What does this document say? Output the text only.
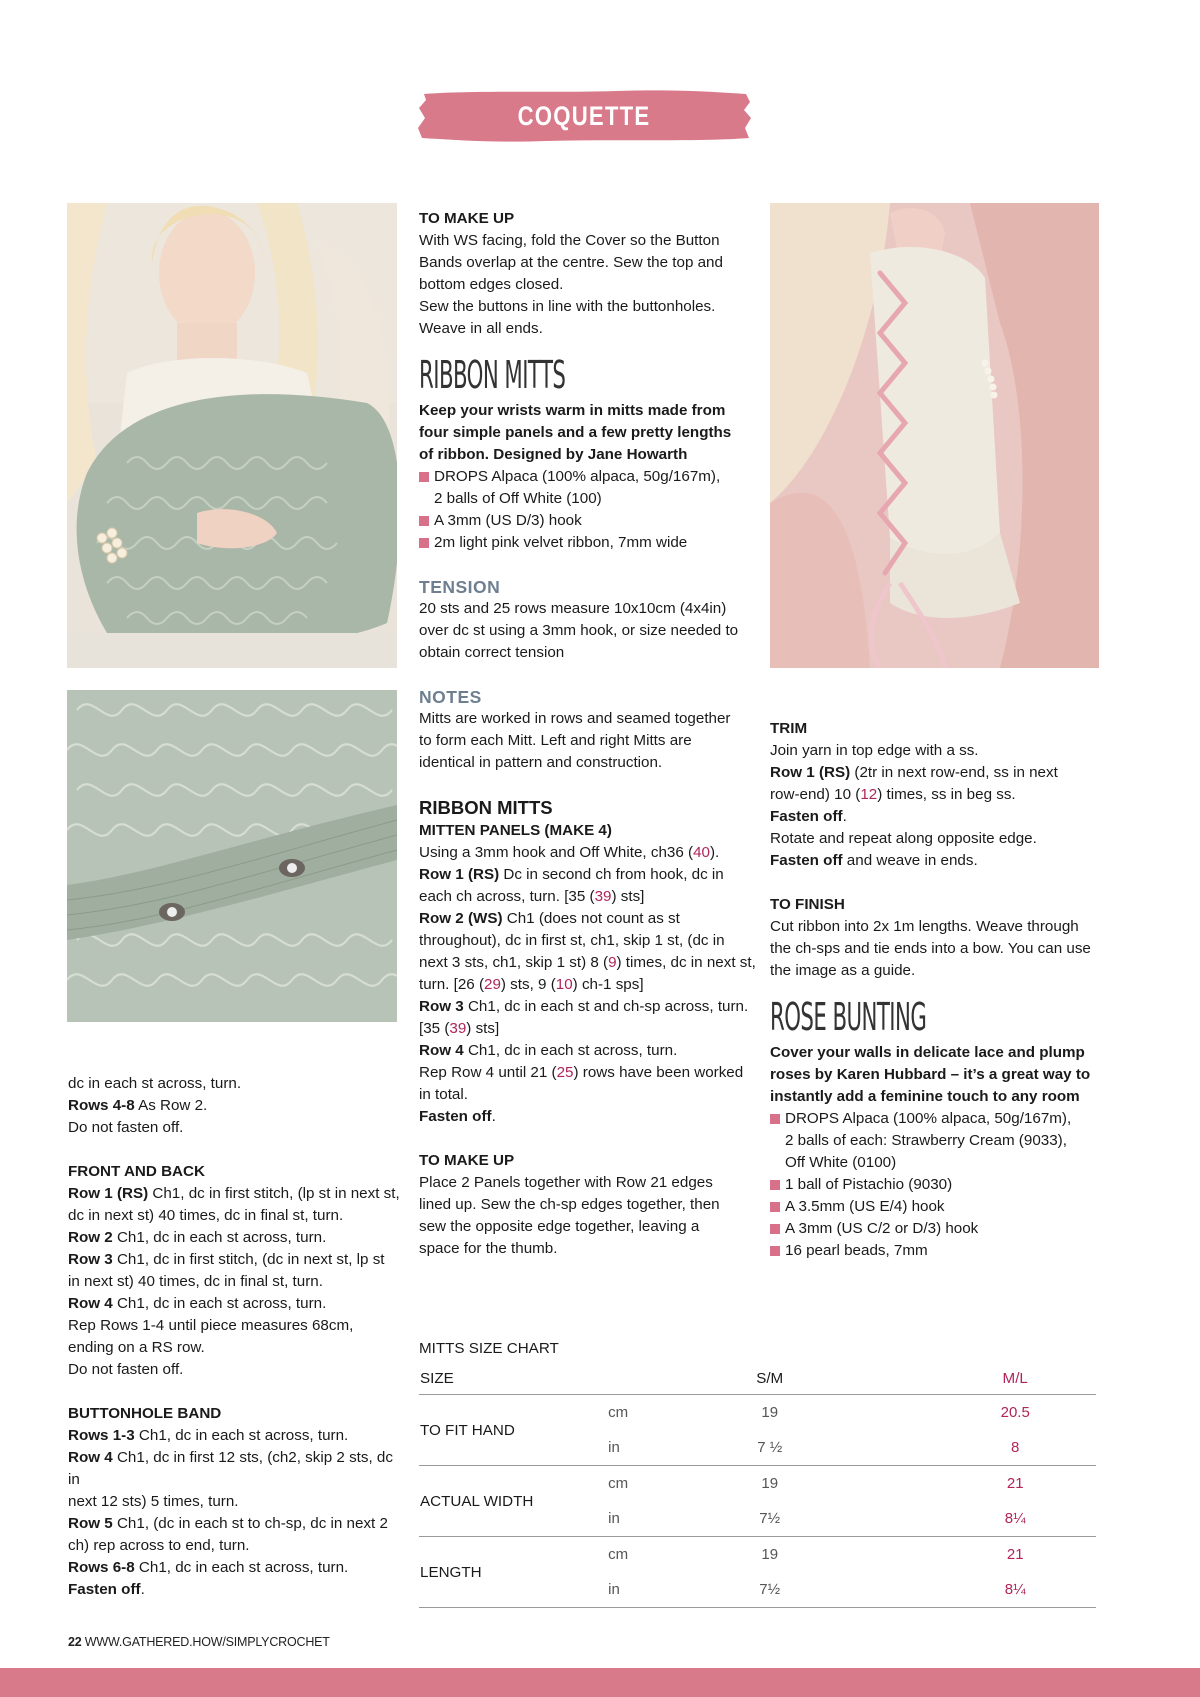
COQUETTE COLLECTION

dc in each st across, turn.

Rows 4-8 As Row 2.

Do not fasten off.

FRONT AND BACK

Row 1 (RS) Ch1, dc in first stitch, (lp st in next st,

dc in next st) 40 times, dc in final st, turn.

Row 2 Ch1, dc in each st across, turn.

Row 3 Ch1, dc in first stitch, (dc in next st, lp st

in next st) 40 times, dc in final st, turn.

Row 4 Ch1, dc in each st across, turn.

Rep Rows 1-4 until piece measures 68cm,

ending on a RS row.

Do not fasten off.

BUTTONHOLE BAND

Rows 1-3 Ch1, dc in each st across, turn.

Row 4 Ch1, dc in first 12 sts, (ch2, skip 2 sts, dc in

next 12 sts) 5 times, turn.

Row 5 Ch1, (dc in each st to ch-sp, dc in next 2

ch) rep across to end, turn.

Rows 6-8 Ch1, dc in each st across, turn.

Fasten off.

TO MAKE UP

With WS facing, fold the Cover so the Button

Bands overlap at the centre. Sew the top and

bottom edges closed.

Sew the buttons in line with the buttonholes.

Weave in all ends.

RIBBON MITTS

Keep your wrists warm in mitts made from

four simple panels and a few pretty lengths

of ribbon. Designed by Jane Howarth

DROPS Alpaca (100% alpaca, 50g/167m),
2 balls of Off White (100)
A 3mm (US D/3) hook
2m light pink velvet ribbon, 7mm wide

TENSION

20 sts and 25 rows measure 10x10cm (4x4in)

over dc st using a 3mm hook, or size needed to

obtain correct tension

NOTES

Mitts are worked in rows and seamed together

to form each Mitt. Left and right Mitts are

identical in pattern and construction.

RIBBON MITTS

MITTEN PANELS (MAKE 4)

Using a 3mm hook and Off White, ch36 (40).

Row 1 (RS) Dc in second ch from hook, dc in

each ch across, turn. [35 (39) sts]

Row 2 (WS) Ch1 (does not count as st

throughout), dc in first st, ch1, skip 1 st, (dc in

next 3 sts, ch1, skip 1 st) 8 (9) times, dc in next st,

turn. [26 (29) sts, 9 (10) ch-1 sps]

Row 3 Ch1, dc in each st and ch-sp across, turn.

[35 (39) sts]

Row 4 Ch1, dc in each st across, turn.

Rep Row 4 until 21 (25) rows have been worked

in total.

Fasten off.

TO MAKE UP

Place 2 Panels together with Row 21 edges

lined up. Sew the ch-sp edges together, then

sew the opposite edge together, leaving a

space for the thumb.

TRIM

Join yarn in top edge with a ss.

Row 1 (RS) (2tr in next row-end, ss in next

row-end) 10 (12) times, ss in beg ss.

Fasten off.

Rotate and repeat along opposite edge.

Fasten off and weave in ends.

TO FINISH

Cut ribbon into 2x 1m lengths. Weave through

the ch-sps and tie ends into a bow. You can use

the image as a guide.

ROSE BUNTING

Cover your walls in delicate lace and plump

roses by Karen Hubbard – it’s a great way to

instantly add a feminine touch to any room

DROPS Alpaca (100% alpaca, 50g/167m),
2 balls of each: Strawberry Cream (9033),
Off White (0100)
1 ball of Pistachio (9030)
A 3.5mm (US E/4) hook
A 3mm (US C/2 or D/3) hook
16 pearl beads, 7mm

MITTS SIZE CHART

SIZE		S/M		M/L
TO FIT HAND	cm	19		20.5
	in	7 ½		8
ACTUAL WIDTH	cm	19		21
	in	7½		8¼
LENGTH	cm	19		21
	in	7½		8¼
22 WWW.GATHERED.HOW/SIMPLYCROCHET
